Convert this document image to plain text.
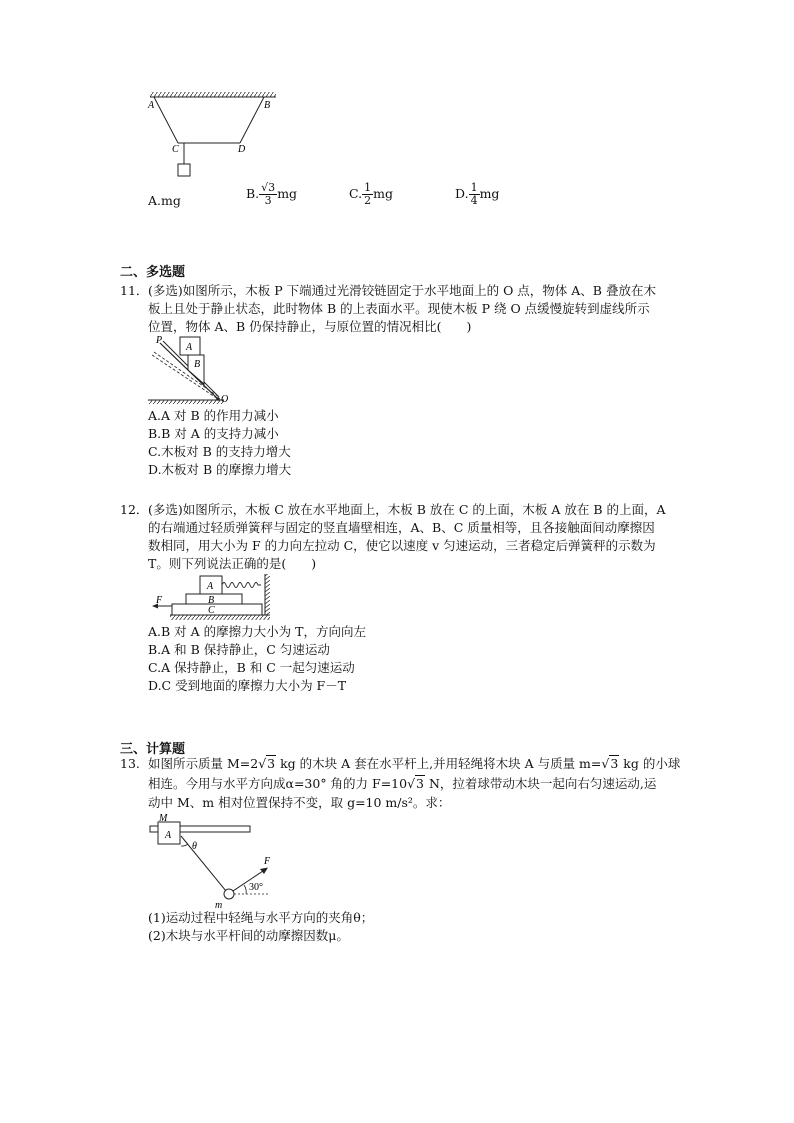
A	B
C	D
A.mg	B. $\frac{√3}{3}$ mg	C. $\frac{1}{2}$ mg	D. $\frac{1}{4}$ mg
二、多选题
11． (多选)如图所示，木板 P 下端通过光滑铰链固定于水平地面上的 O 点，物体 A、B 叠放在木
板上且处于静止状态，此时物体 B 的上表面水平。现使木板 P 绕 O 点缓慢旋转到虚线所示
位置，物体 A、B 仍保持静止，与原位置的情况相比(　　)
P
A
B
O
A.A 对 B 的作用力减小
B.B 对 A 的支持力减小
C.木板对 B 的支持力增大
D.木板对 B 的摩擦力增大
12． (多选)如图所示，木板 C 放在水平地面上，木板 B 放在 C 的上面，木板 A 放在 B 的上面，A
的右端通过轻质弹簧秤与固定的竖直墙壁相连，A、B、C 质量相等，且各接触面间动摩擦因
数相同，用大小为 F 的力向左拉动 C，使它以速度 v 匀速运动，三者稳定后弹簧秤的示数为
T。则下列说法正确的是(　　)
F
A
B
C
A.B 对 A 的摩擦力大小为 T，方向向左
B.A 和 B 保持静止，C 匀速运动
C.A 保持静止，B 和 C 一起匀速运动
D.C 受到地面的摩擦力大小为 F－T
三、计算题
13. 如图所示质量 M=2√3 kg 的木块 A 套在水平杆上,并用轻绳将木块 A 与质量 m=√3 kg 的小球
相连。今用与水平方向成α=30° 角的力 F=10√3 N，拉着球带动木块一起向右匀速运动,运
动中 M、m 相对位置保持不变，取 g=10 m/s²。求：
M
A
θ
F
30°
m
(1)运动过程中轻绳与水平方向的夹角θ；
(2)木块与水平杆间的动摩擦因数μ。
